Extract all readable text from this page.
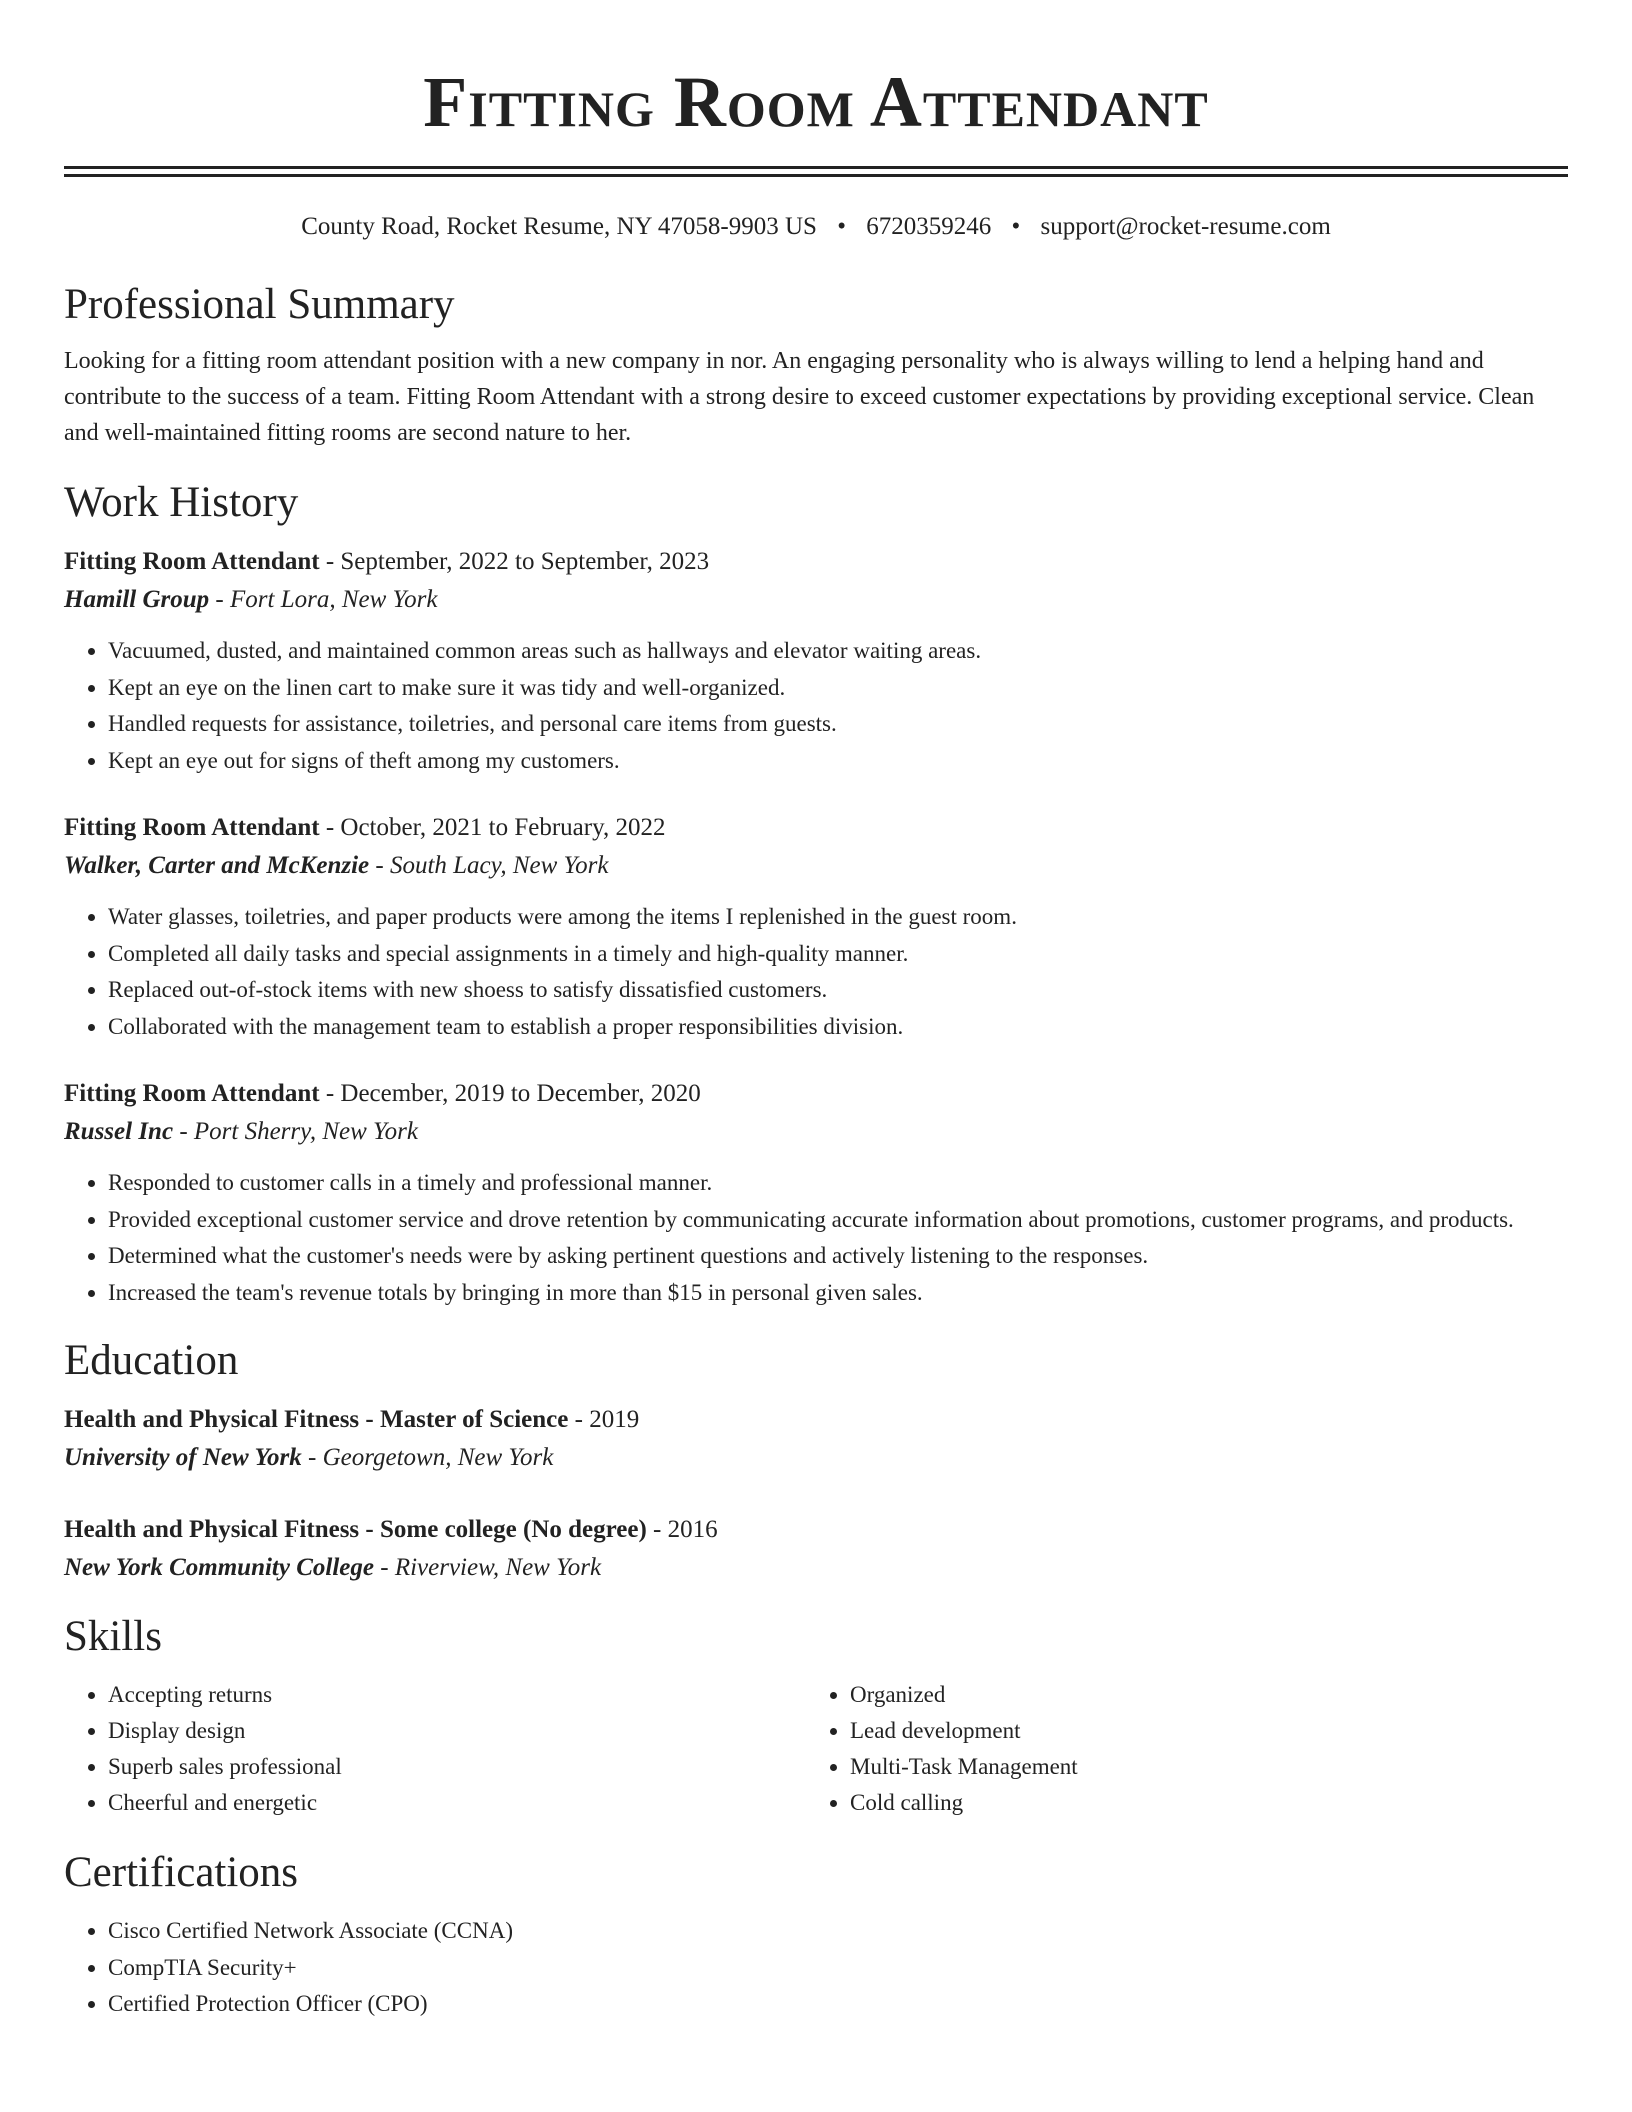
Fitting Room Attendant
County Road, Rocket Resume, NY 47058-9903 US • 6720359246 • support@rocket-resume.com
Professional Summary
Looking for a fitting room attendant position with a new company in nor. An engaging personality who is always willing to lend a helping hand and contribute to the success of a team. Fitting Room Attendant with a strong desire to exceed customer expectations by providing exceptional service. Clean and well-maintained fitting rooms are second nature to her.
Work History
Fitting Room Attendant - September, 2022 to September, 2023
Hamill Group - Fort Lora, New York
• Vacuumed, dusted, and maintained common areas such as hallways and elevator waiting areas.
• Kept an eye on the linen cart to make sure it was tidy and well-organized.
• Handled requests for assistance, toiletries, and personal care items from guests.
• Kept an eye out for signs of theft among my customers.
Fitting Room Attendant - October, 2021 to February, 2022
Walker, Carter and McKenzie - South Lacy, New York
• Water glasses, toiletries, and paper products were among the items I replenished in the guest room.
• Completed all daily tasks and special assignments in a timely and high-quality manner.
• Replaced out-of-stock items with new shoess to satisfy dissatisfied customers.
• Collaborated with the management team to establish a proper responsibilities division.
Fitting Room Attendant - December, 2019 to December, 2020
Russel Inc - Port Sherry, New York
• Responded to customer calls in a timely and professional manner.
• Provided exceptional customer service and drove retention by communicating accurate information about promotions, customer programs, and products.
• Determined what the customer's needs were by asking pertinent questions and actively listening to the responses.
• Increased the team's revenue totals by bringing in more than $15 in personal given sales.
Education
Health and Physical Fitness - Master of Science - 2019
University of New York - Georgetown, New York
Health and Physical Fitness - Some college (No degree) - 2016
New York Community College - Riverview, New York
Skills
• Accepting returns
• Display design
• Superb sales professional
• Cheerful and energetic
• Organized
• Lead development
• Multi-Task Management
• Cold calling
Certifications
• Cisco Certified Network Associate (CCNA)
• CompTIA Security+
• Certified Protection Officer (CPO)
